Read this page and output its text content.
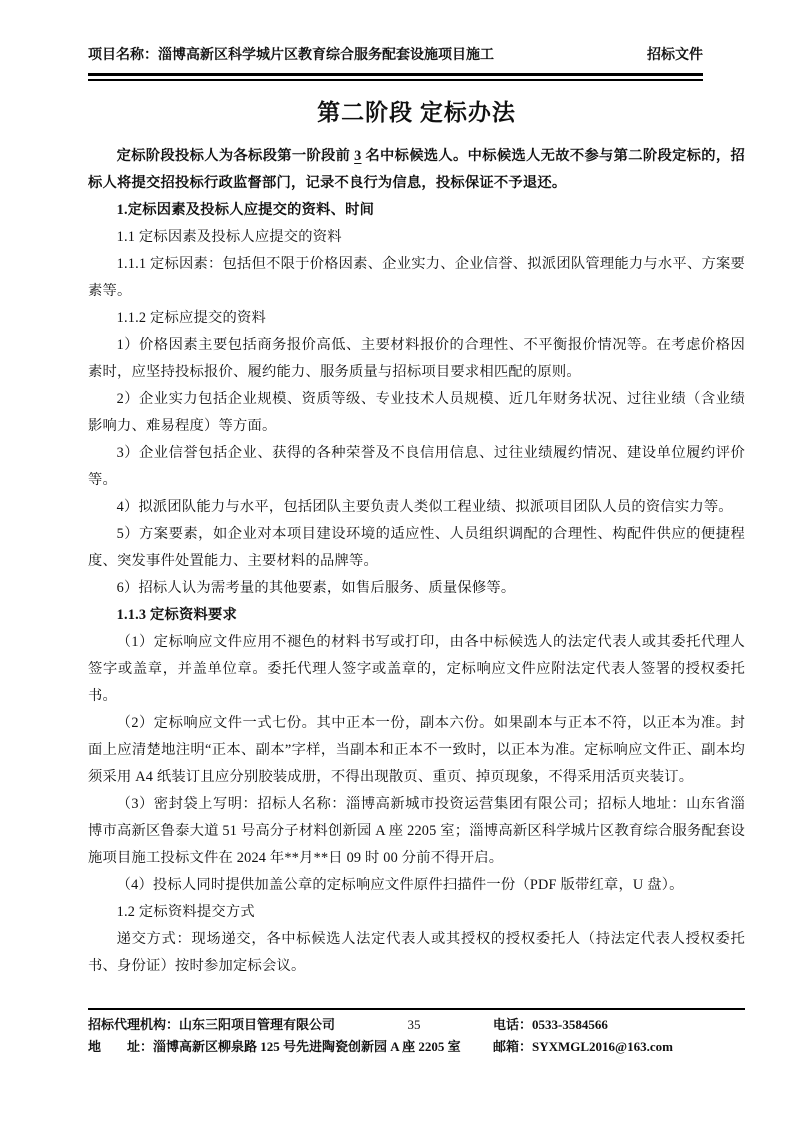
项目名称：淄博高新区科学城片区教育综合服务配套设施项目施工	招标文件
第二阶段 定标办法

定标阶段投标人为各标段第一阶段前 3 名中标候选人。中标候选人无故不参与第二阶段定标的，招标人将提交招投标行政监督部门，记录不良行为信息，投标保证不予退还。

1.定标因素及投标人应提交的资料、时间

1.1 定标因素及投标人应提交的资料

1.1.1 定标因素：包括但不限于价格因素、企业实力、企业信誉、拟派团队管理能力与水平、方案要素等。

1.1.2 定标应提交的资料

1）价格因素主要包括商务报价高低、主要材料报价的合理性、不平衡报价情况等。在考虑价格因素时，应坚持投标报价、履约能力、服务质量与招标项目要求相匹配的原则。

2）企业实力包括企业规模、资质等级、专业技术人员规模、近几年财务状况、过往业绩（含业绩影响力、难易程度）等方面。

3）企业信誉包括企业、获得的各种荣誉及不良信用信息、过往业绩履约情况、建设单位履约评价等。

4）拟派团队能力与水平，包括团队主要负责人类似工程业绩、拟派项目团队人员的资信实力等。

5）方案要素，如企业对本项目建设环境的适应性、人员组织调配的合理性、构配件供应的便捷程度、突发事件处置能力、主要材料的品牌等。

6）招标人认为需考量的其他要素，如售后服务、质量保修等。

1.1.3 定标资料要求

（1）定标响应文件应用不褪色的材料书写或打印，由各中标候选人的法定代表人或其委托代理人签字或盖章，并盖单位章。委托代理人签字或盖章的，定标响应文件应附法定代表人签署的授权委托书。

（2）定标响应文件一式七份。其中正本一份，副本六份。如果副本与正本不符，以正本为准。封面上应清楚地注明“正本、副本”字样，当副本和正本不一致时，以正本为准。定标响应文件正、副本均须采用 A4 纸装订且应分别胶装成册，不得出现散页、重页、掉页现象，不得采用活页夹装订。

（3）密封袋上写明：招标人名称：淄博高新城市投资运营集团有限公司；招标人地址：山东省淄博市高新区鲁泰大道 51 号高分子材料创新园 A 座 2205 室；淄博高新区科学城片区教育综合服务配套设施项目施工投标文件在 2024 年**月**日 09 时 00 分前不得开启。

（4）投标人同时提供加盖公章的定标响应文件原件扫描件一份（PDF 版带红章，U 盘）。

1.2 定标资料提交方式

递交方式：现场递交，各中标候选人法定代表人或其授权的授权委托人（持法定代表人授权委托书、身份证）按时参加定标会议。

招标代理机构：山东三阳项目管理有限公司	35	电话：0533-3584566
地　　址：淄博高新区柳泉路 125 号先进陶瓷创新园 A 座 2205 室 邮箱：SYXMGL2016@163.com
